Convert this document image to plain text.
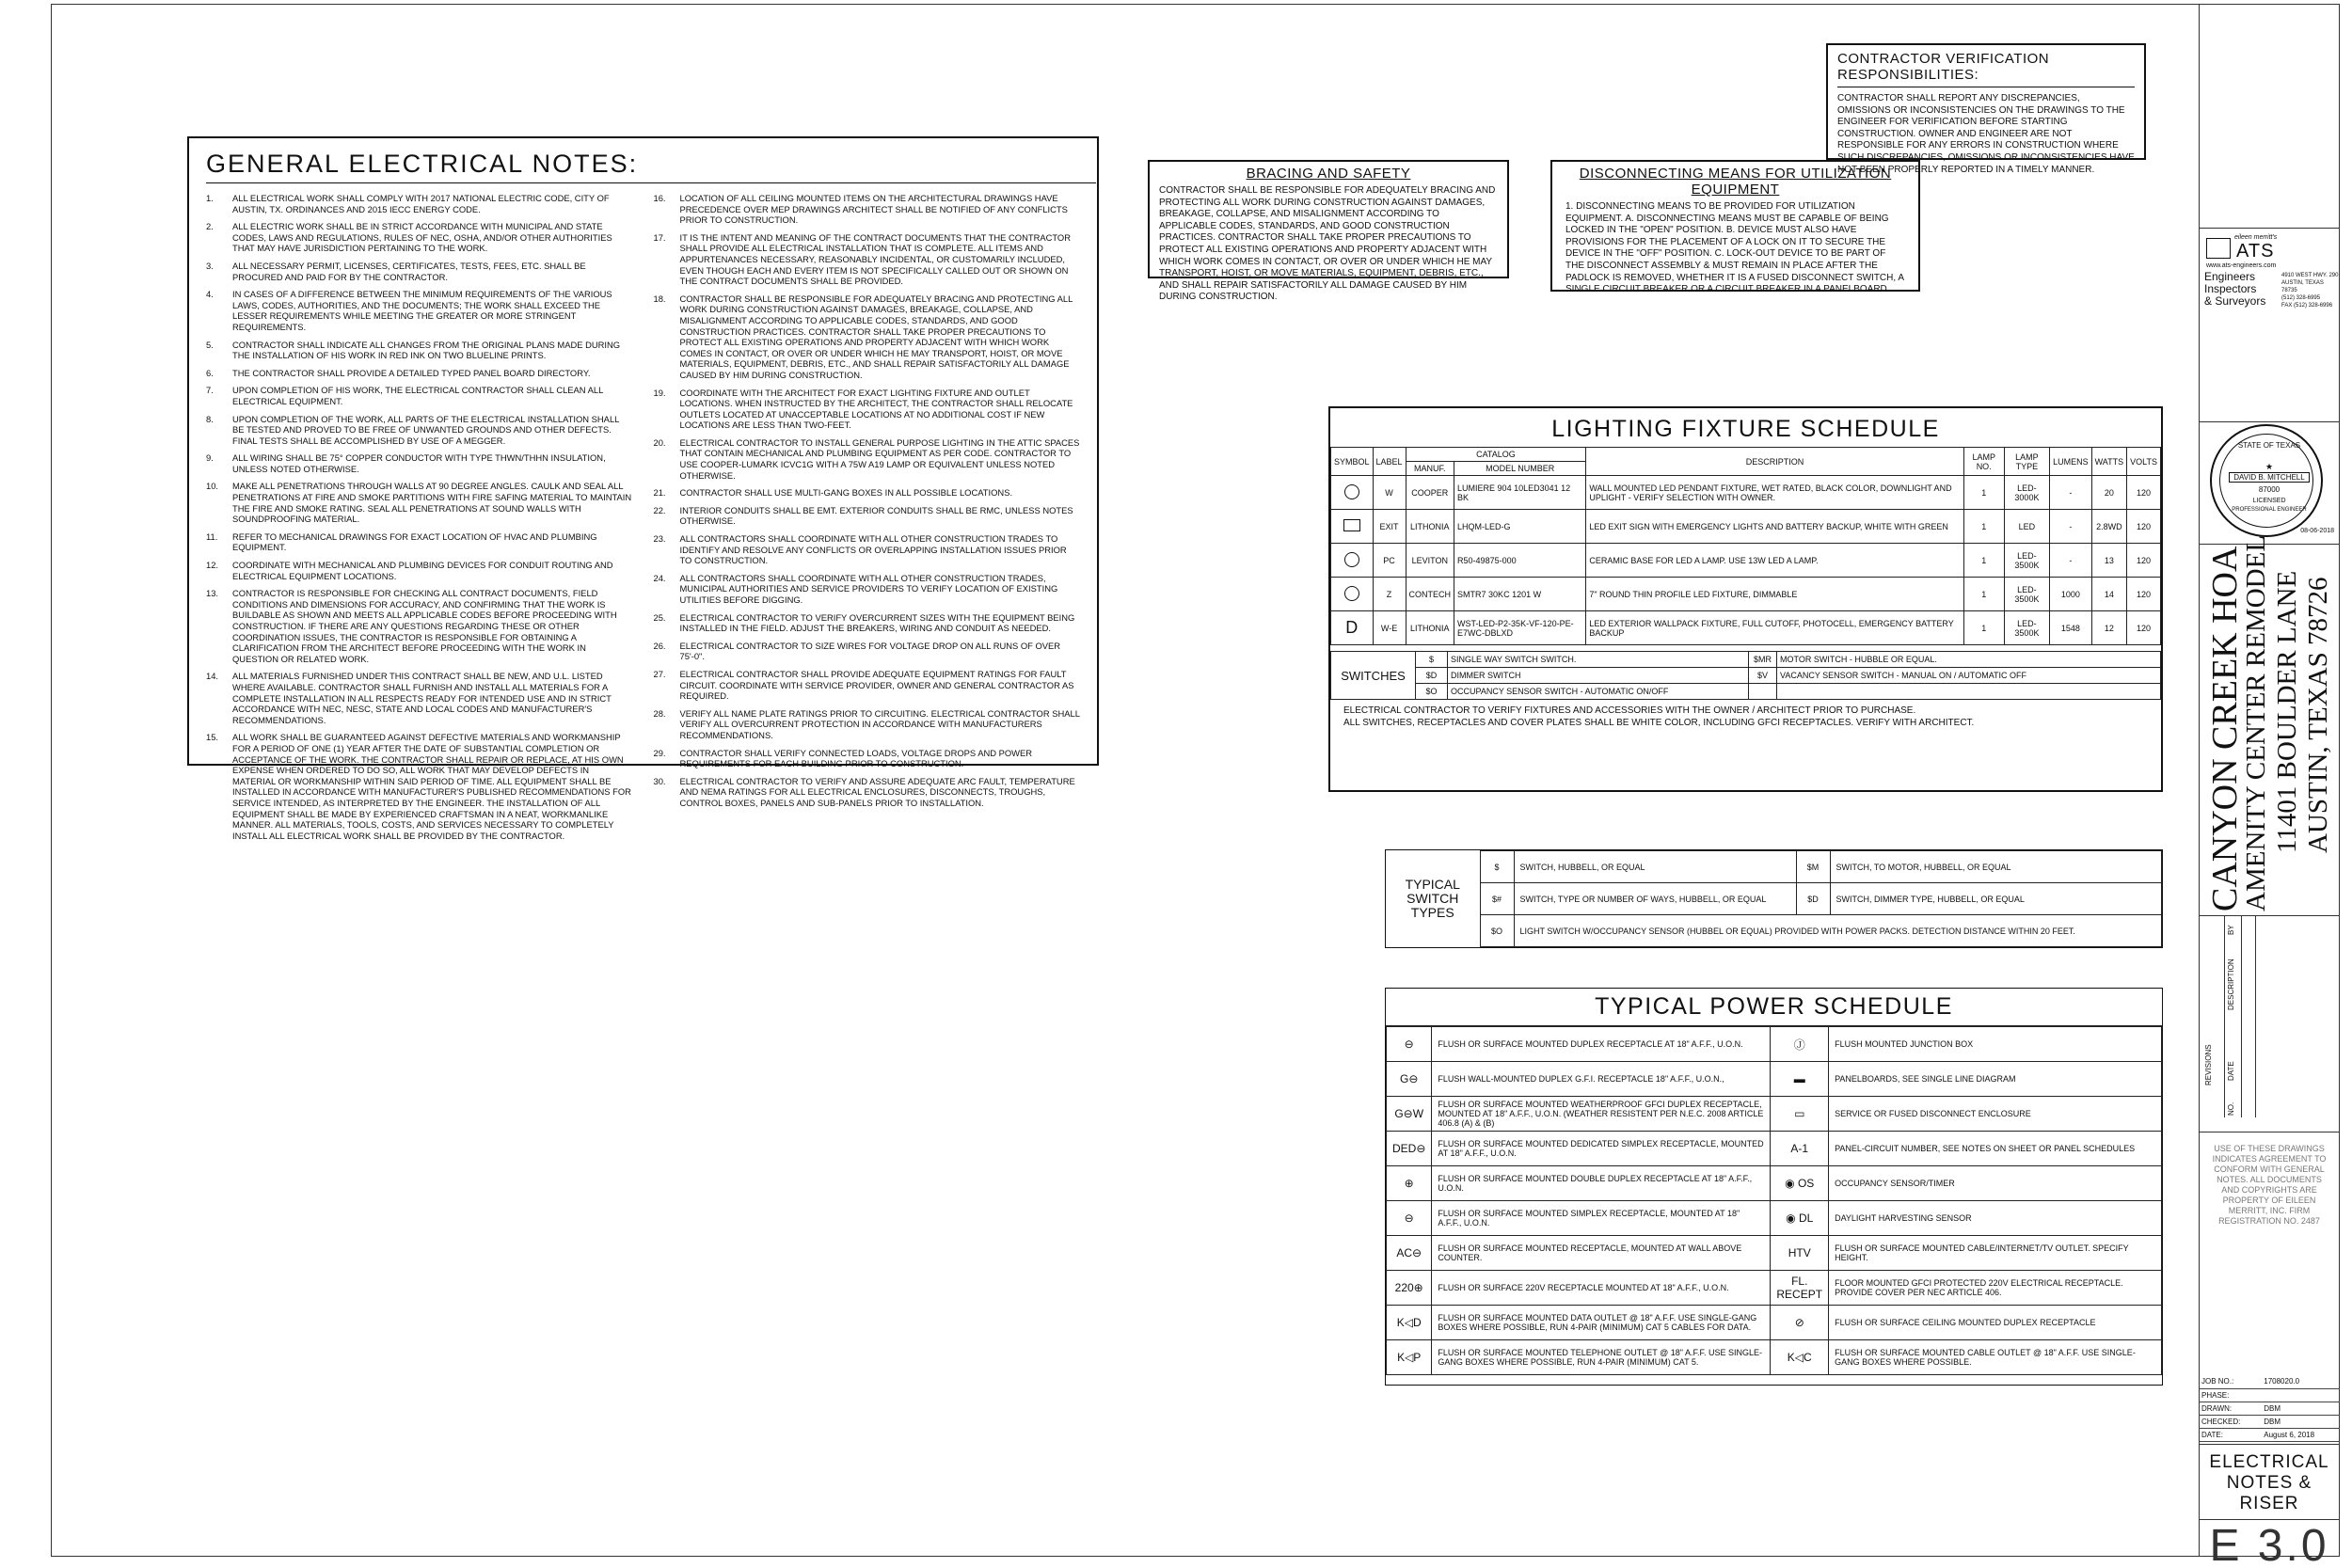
GENERAL ELECTRICAL NOTES:
1.	ALL ELECTRICAL WORK SHALL COMPLY WITH 2017 NATIONAL ELECTRIC CODE, CITY OF AUSTIN, TX. ORDINANCES AND 2015 IECC ENERGY CODE.
2.	ALL ELECTRIC WORK SHALL BE IN STRICT ACCORDANCE WITH MUNICIPAL AND STATE CODES, LAWS AND REGULATIONS, RULES OF NEC, OSHA, AND/OR OTHER AUTHORITIES THAT MAY HAVE JURISDICTION PERTAINING TO THE WORK.
3.	ALL NECESSARY PERMIT, LICENSES, CERTIFICATES, TESTS, FEES, ETC. SHALL BE PROCURED AND PAID FOR BY THE CONTRACTOR.
4.	IN CASES OF A DIFFERENCE BETWEEN THE MINIMUM REQUIREMENTS OF THE VARIOUS LAWS, CODES, AUTHORITIES, AND THE DOCUMENTS; THE WORK SHALL EXCEED THE LESSER REQUIREMENTS WHILE MEETING THE GREATER OR MORE STRINGENT REQUIREMENTS.
5.	CONTRACTOR SHALL INDICATE ALL CHANGES FROM THE ORIGINAL PLANS MADE DURING THE INSTALLATION OF HIS WORK IN RED INK ON TWO BLUELINE PRINTS.
6.	THE CONTRACTOR SHALL PROVIDE A DETAILED TYPED PANEL BOARD DIRECTORY.
7.	UPON COMPLETION OF HIS WORK, THE ELECTRICAL CONTRACTOR SHALL CLEAN ALL ELECTRICAL EQUIPMENT.
8.	UPON COMPLETION OF THE WORK, ALL PARTS OF THE ELECTRICAL INSTALLATION SHALL BE TESTED AND PROVED TO BE FREE OF UNWANTED GROUNDS AND OTHER DEFECTS. FINAL TESTS SHALL BE ACCOMPLISHED BY USE OF A MEGGER.
9.	ALL WIRING SHALL BE 75° COPPER CONDUCTOR WITH TYPE THWN/THHN INSULATION, UNLESS NOTED OTHERWISE.
10.	MAKE ALL PENETRATIONS THROUGH WALLS AT 90 DEGREE ANGLES. CAULK AND SEAL ALL PENETRATIONS AT FIRE AND SMOKE PARTITIONS WITH FIRE SAFING MATERIAL TO MAINTAIN THE FIRE AND SMOKE RATING. SEAL ALL PENETRATIONS AT SOUND WALLS WITH SOUNDPROOFING MATERIAL.
11.	REFER TO MECHANICAL DRAWINGS FOR EXACT LOCATION OF HVAC AND PLUMBING EQUIPMENT.
12.	COORDINATE WITH MECHANICAL AND PLUMBING DEVICES FOR CONDUIT ROUTING AND ELECTRICAL EQUIPMENT LOCATIONS.
13.	CONTRACTOR IS RESPONSIBLE FOR CHECKING ALL CONTRACT DOCUMENTS, FIELD CONDITIONS AND DIMENSIONS FOR ACCURACY, AND CONFIRMING THAT THE WORK IS BUILDABLE AS SHOWN AND MEETS ALL APPLICABLE CODES BEFORE PROCEEDING WITH CONSTRUCTION. IF THERE ARE ANY QUESTIONS REGARDING THESE OR OTHER COORDINATION ISSUES, THE CONTRACTOR IS RESPONSIBLE FOR OBTAINING A CLARIFICATION FROM THE ARCHITECT BEFORE PROCEEDING WITH THE WORK IN QUESTION OR RELATED WORK.
14.	ALL MATERIALS FURNISHED UNDER THIS CONTRACT SHALL BE NEW, AND U.L. LISTED WHERE AVAILABLE. CONTRACTOR SHALL FURNISH AND INSTALL ALL MATERIALS FOR A COMPLETE INSTALLATION IN ALL RESPECTS READY FOR INTENDED USE AND IN STRICT ACCORDANCE WITH NEC, NESC, STATE AND LOCAL CODES AND MANUFACTURER'S RECOMMENDATIONS.
15.	ALL WORK SHALL BE GUARANTEED AGAINST DEFECTIVE MATERIALS AND WORKMANSHIP FOR A PERIOD OF ONE (1) YEAR AFTER THE DATE OF SUBSTANTIAL COMPLETION OR ACCEPTANCE OF THE WORK. THE CONTRACTOR SHALL REPAIR OR REPLACE, AT HIS OWN EXPENSE WHEN ORDERED TO DO SO, ALL WORK THAT MAY DEVELOP DEFECTS IN MATERIAL OR WORKMANSHIP WITHIN SAID PERIOD OF TIME. ALL EQUIPMENT SHALL BE INSTALLED IN ACCORDANCE WITH MANUFACTURER'S PUBLISHED RECOMMENDATIONS FOR SERVICE INTENDED, AS INTERPRETED BY THE ENGINEER. THE INSTALLATION OF ALL EQUIPMENT SHALL BE MADE BY EXPERIENCED CRAFTSMAN IN A NEAT, WORKMANLIKE MANNER. ALL MATERIALS, TOOLS, COSTS, AND SERVICES NECESSARY TO COMPLETELY INSTALL ALL ELECTRICAL WORK SHALL BE PROVIDED BY THE CONTRACTOR.
16.	LOCATION OF ALL CEILING MOUNTED ITEMS ON THE ARCHITECTURAL DRAWINGS HAVE PRECEDENCE OVER MEP DRAWINGS ARCHITECT SHALL BE NOTIFIED OF ANY CONFLICTS PRIOR TO CONSTRUCTION.
17.	IT IS THE INTENT AND MEANING OF THE CONTRACT DOCUMENTS THAT THE CONTRACTOR SHALL PROVIDE ALL ELECTRICAL INSTALLATION THAT IS COMPLETE. ALL ITEMS AND APPURTENANCES NECESSARY, REASONABLY INCIDENTAL, OR CUSTOMARILY INCLUDED, EVEN THOUGH EACH AND EVERY ITEM IS NOT SPECIFICALLY CALLED OUT OR SHOWN ON THE CONTRACT DOCUMENTS SHALL BE PROVIDED.
18.	CONTRACTOR SHALL BE RESPONSIBLE FOR ADEQUATELY BRACING AND PROTECTING ALL WORK DURING CONSTRUCTION AGAINST DAMAGES, BREAKAGE, COLLAPSE, AND MISALIGNMENT ACCORDING TO APPLICABLE CODES, STANDARDS, AND GOOD CONSTRUCTION PRACTICES. CONTRACTOR SHALL TAKE PROPER PRECAUTIONS TO PROTECT ALL EXISTING OPERATIONS AND PROPERTY ADJACENT WITH WHICH WORK COMES IN CONTACT, OR OVER OR UNDER WHICH HE MAY TRANSPORT, HOIST, OR MOVE MATERIALS, EQUIPMENT, DEBRIS, ETC., AND SHALL REPAIR SATISFACTORILY ALL DAMAGE CAUSED BY HIM DURING CONSTRUCTION.
19.	COORDINATE WITH THE ARCHITECT FOR EXACT LIGHTING FIXTURE AND OUTLET LOCATIONS. WHEN INSTRUCTED BY THE ARCHITECT, THE CONTRACTOR SHALL RELOCATE OUTLETS LOCATED AT UNACCEPTABLE LOCATIONS AT NO ADDITIONAL COST IF NEW LOCATIONS ARE LESS THAN TWO-FEET.
20.	ELECTRICAL CONTRACTOR TO INSTALL GENERAL PURPOSE LIGHTING IN THE ATTIC SPACES THAT CONTAIN MECHANICAL AND PLUMBING EQUIPMENT AS PER CODE. CONTRACTOR TO USE COOPER-LUMARK ICVC1G WITH A 75W A19 LAMP OR EQUIVALENT UNLESS NOTED OTHERWISE.
21.	CONTRACTOR SHALL USE MULTI-GANG BOXES IN ALL POSSIBLE LOCATIONS.
22.	INTERIOR CONDUITS SHALL BE EMT. EXTERIOR CONDUITS SHALL BE RMC, UNLESS NOTES OTHERWISE.
23.	ALL CONTRACTORS SHALL COORDINATE WITH ALL OTHER CONSTRUCTION TRADES TO IDENTIFY AND RESOLVE ANY CONFLICTS OR OVERLAPPING INSTALLATION ISSUES PRIOR TO CONSTRUCTION.
24.	ALL CONTRACTORS SHALL COORDINATE WITH ALL OTHER CONSTRUCTION TRADES, MUNICIPAL AUTHORITIES AND SERVICE PROVIDERS TO VERIFY LOCATION OF EXISTING UTILITIES BEFORE DIGGING.
25.	ELECTRICAL CONTRACTOR TO VERIFY OVERCURRENT SIZES WITH THE EQUIPMENT BEING INSTALLED IN THE FIELD. ADJUST THE BREAKERS, WIRING AND CONDUIT AS NEEDED.
26.	ELECTRICAL CONTRACTOR TO SIZE WIRES FOR VOLTAGE DROP ON ALL RUNS OF OVER 75'-0".
27.	ELECTRICAL CONTRACTOR SHALL PROVIDE ADEQUATE EQUIPMENT RATINGS FOR FAULT CIRCUIT. COORDINATE WITH SERVICE PROVIDER, OWNER AND GENERAL CONTRACTOR AS REQUIRED.
28.	VERIFY ALL NAME PLATE RATINGS PRIOR TO CIRCUITING. ELECTRICAL CONTRACTOR SHALL VERIFY ALL OVERCURRENT PROTECTION IN ACCORDANCE WITH MANUFACTURERS RECOMMENDATIONS.
29.	CONTRACTOR SHALL VERIFY CONNECTED LOADS, VOLTAGE DROPS AND POWER REQUIREMENTS FOR EACH BUILDING PRIOR TO CONSTRUCTION.
30.	ELECTRICAL CONTRACTOR TO VERIFY AND ASSURE ADEQUATE ARC FAULT, TEMPERATURE AND NEMA RATINGS FOR ALL ELECTRICAL ENCLOSURES, DISCONNECTS, TROUGHS, CONTROL BOXES, PANELS AND SUB-PANELS PRIOR TO INSTALLATION.
BRACING AND SAFETY
CONTRACTOR SHALL BE RESPONSIBLE FOR ADEQUATELY BRACING AND PROTECTING ALL WORK DURING CONSTRUCTION AGAINST DAMAGES, BREAKAGE, COLLAPSE, AND MISALIGNMENT ACCORDING TO APPLICABLE CODES, STANDARDS, AND GOOD CONSTRUCTION PRACTICES. CONTRACTOR SHALL TAKE PROPER PRECAUTIONS TO PROTECT ALL EXISTING OPERATIONS AND PROPERTY ADJACENT WITH WHICH WORK COMES IN CONTACT, OR OVER OR UNDER WHICH HE MAY TRANSPORT, HOIST, OR MOVE MATERIALS, EQUIPMENT, DEBRIS, ETC., AND SHALL REPAIR SATISFACTORILY ALL DAMAGE CAUSED BY HIM DURING CONSTRUCTION.
DISCONNECTING MEANS FOR UTILIZATION EQUIPMENT
1. DISCONNECTING MEANS TO BE PROVIDED FOR UTILIZATION EQUIPMENT. A. DISCONNECTING MEANS MUST BE CAPABLE OF BEING LOCKED IN THE "OPEN" POSITION. B. DEVICE MUST ALSO HAVE PROVISIONS FOR THE PLACEMENT OF A LOCK ON IT TO SECURE THE DEVICE IN THE "OFF" POSITION. C. LOCK-OUT DEVICE TO BE PART OF THE DISCONNECT ASSEMBLY & MUST REMAIN IN PLACE AFTER THE PADLOCK IS REMOVED, WHETHER IT IS A FUSED DISCONNECT SWITCH, A SINGLE CIRCUIT BREAKER OR A CIRCUIT BREAKER IN A PANELBOARD.
CONTRACTOR VERIFICATION RESPONSIBILITIES:
CONTRACTOR SHALL REPORT ANY DISCREPANCIES, OMISSIONS OR INCONSISTENCIES ON THE DRAWINGS TO THE ENGINEER FOR VERIFICATION BEFORE STARTING CONSTRUCTION. OWNER AND ENGINEER ARE NOT RESPONSIBLE FOR ANY ERRORS IN CONSTRUCTION WHERE SUCH DISCREPANCIES, OMISSIONS OR INCONSISTENCIES HAVE NOT BEEN PROPERLY REPORTED IN A TIMELY MANNER.
LIGHTING FIXTURE SCHEDULE
SYMBOL	LABEL	CATALOG		DESCRIPTION	LAMP NO.	LAMP TYPE	LUMENS	WATTS	VOLTS
		MANUF.	MODEL NUMBER						
	W	COOPER	LUMIERE 904 10LED3041 12 BK	WALL MOUNTED LED PENDANT FIXTURE, WET RATED, BLACK COLOR, DOWNLIGHT AND UPLIGHT - VERIFY SELECTION WITH OWNER.	1	LED-3000K	-	20	120
	EXIT	LITHONIA	LHQM-LED-G	LED EXIT SIGN WITH EMERGENCY LIGHTS AND BATTERY BACKUP, WHITE WITH GREEN	1	LED	-	2.8WD	120
	PC	LEVITON	R50-49875-000	CERAMIC BASE FOR LED A LAMP. USE 13W LED A LAMP.	1	LED-3500K	-	13	120
	Z	CONTECH	SMTR7 30KC 1201 W	7" ROUND THIN PROFILE LED FIXTURE, DIMMABLE	1	LED-3500K	1000	14	120
D	W-E	LITHONIA	WST-LED-P2-35K-VF-120-PE-E7WC-DBLXD	LED EXTERIOR WALLPACK FIXTURE, FULL CUTOFF, PHOTOCELL, EMERGENCY BATTERY BACKUP	1	LED-3500K	1548	12	120
SWITCHES	$	SINGLE WAY SWITCH SWITCH.	$MR	MOTOR SWITCH - HUBBLE OR EQUAL.
	$D	DIMMER SWITCH	$V	VACANCY SENSOR SWITCH - MANUAL ON / AUTOMATIC OFF
	$O	OCCUPANCY SENSOR SWITCH - AUTOMATIC ON/OFF		
ELECTRICAL CONTRACTOR TO VERIFY FIXTURES AND ACCESSORIES WITH THE OWNER / ARCHITECT PRIOR TO PURCHASE.
ALL SWITCHES, RECEPTACLES AND COVER PLATES SHALL BE WHITE COLOR, INCLUDING GFCI RECEPTACLES. VERIFY WITH ARCHITECT.
TYPICAL SWITCH TYPES	$	SWITCH, HUBBELL, OR EQUAL	$M	SWITCH, TO MOTOR, HUBBELL, OR EQUAL
	$#	SWITCH, TYPE OR NUMBER OF WAYS, HUBBELL, OR EQUAL	$D	SWITCH, DIMMER TYPE, HUBBELL, OR EQUAL
	$O	LIGHT SWITCH W/OCCUPANCY SENSOR (HUBBEL OR EQUAL) PROVIDED WITH POWER PACKS. DETECTION DISTANCE WITHIN 20 FEET.		
TYPICAL POWER SCHEDULE
⊖	FLUSH OR SURFACE MOUNTED DUPLEX RECEPTACLE AT 18" A.F.F., U.O.N.	Ⓙ	FLUSH MOUNTED JUNCTION BOX
G⊖	FLUSH WALL-MOUNTED DUPLEX G.F.I. RECEPTACLE 18" A.F.F., U.O.N.,	▬	PANELBOARDS, SEE SINGLE LINE DIAGRAM
G⊖W	FLUSH OR SURFACE MOUNTED WEATHERPROOF GFCI DUPLEX RECEPTACLE, MOUNTED AT 18" A.F.F., U.O.N. (WEATHER RESISTENT PER N.E.C. 2008 ARTICLE 406.8 (A) & (B)	▭	SERVICE OR FUSED DISCONNECT ENCLOSURE
DED⊖	FLUSH OR SURFACE MOUNTED DEDICATED SIMPLEX RECEPTACLE, MOUNTED AT 18" A.F.F., U.O.N.	A-1	PANEL-CIRCUIT NUMBER, SEE NOTES ON SHEET OR PANEL SCHEDULES
⊕	FLUSH OR SURFACE MOUNTED DOUBLE DUPLEX RECEPTACLE AT 18" A.F.F., U.O.N.	◉ OS	OCCUPANCY SENSOR/TIMER
⊖	FLUSH OR SURFACE MOUNTED SIMPLEX RECEPTACLE, MOUNTED AT 18" A.F.F., U.O.N.	◉ DL	DAYLIGHT HARVESTING SENSOR
AC⊖	FLUSH OR SURFACE MOUNTED RECEPTACLE, MOUNTED AT WALL ABOVE COUNTER.	HTV	FLUSH OR SURFACE MOUNTED CABLE/INTERNET/TV OUTLET. SPECIFY HEIGHT.
220⊕	FLUSH OR SURFACE 220V RECEPTACLE MOUNTED AT 18" A.F.F., U.O.N.	FL. RECEPT	FLOOR MOUNTED GFCI PROTECTED 220V ELECTRICAL RECEPTACLE. PROVIDE COVER PER NEC ARTICLE 406.
K◁D	FLUSH OR SURFACE MOUNTED DATA OUTLET @ 18" A.F.F. USE SINGLE-GANG BOXES WHERE POSSIBLE, RUN 4-PAIR (MINIMUM) CAT 5 CABLES FOR DATA.	⊘	FLUSH OR SURFACE CEILING MOUNTED DUPLEX RECEPTACLE
K◁P	FLUSH OR SURFACE MOUNTED TELEPHONE OUTLET @ 18" A.F.F. USE SINGLE-GANG BOXES WHERE POSSIBLE, RUN 4-PAIR (MINIMUM) CAT 5.	K◁C	FLUSH OR SURFACE MOUNTED CABLE OUTLET @ 18" A.F.F. USE SINGLE-GANG BOXES WHERE POSSIBLE.
eileen merritt's
ATS
www.ats-engineers.com
Engineers
Inspectors
& Surveyors
4910 WEST HWY. 290
AUSTIN, TEXAS 78735
(512) 328-6995
FAX (512) 328-6996
STATE OF TEXAS
★
DAVID B. MITCHELL
87000
LICENSED
PROFESSIONAL ENGINEER
08-06-2018
CANYON CREEK HOA
AMENITY CENTER REMODEL 11401 BOULDER LANE AUSTIN, TEXAS 78726
REVISIONS
NO.
DATE
DESCRIPTION
BY
USE OF THESE DRAWINGS INDICATES AGREEMENT TO CONFORM WITH GENERAL NOTES. ALL DOCUMENTS AND COPYRIGHTS ARE PROPERTY OF EILEEN MERRITT, INC. FIRM REGISTRATION NO. 2487
JOB NO.:	1708020.0
PHASE:	
DRAWN:	DBM
CHECKED:	DBM
DATE:	August 6, 2018
ELECTRICAL
NOTES & RISER
E 3.0
